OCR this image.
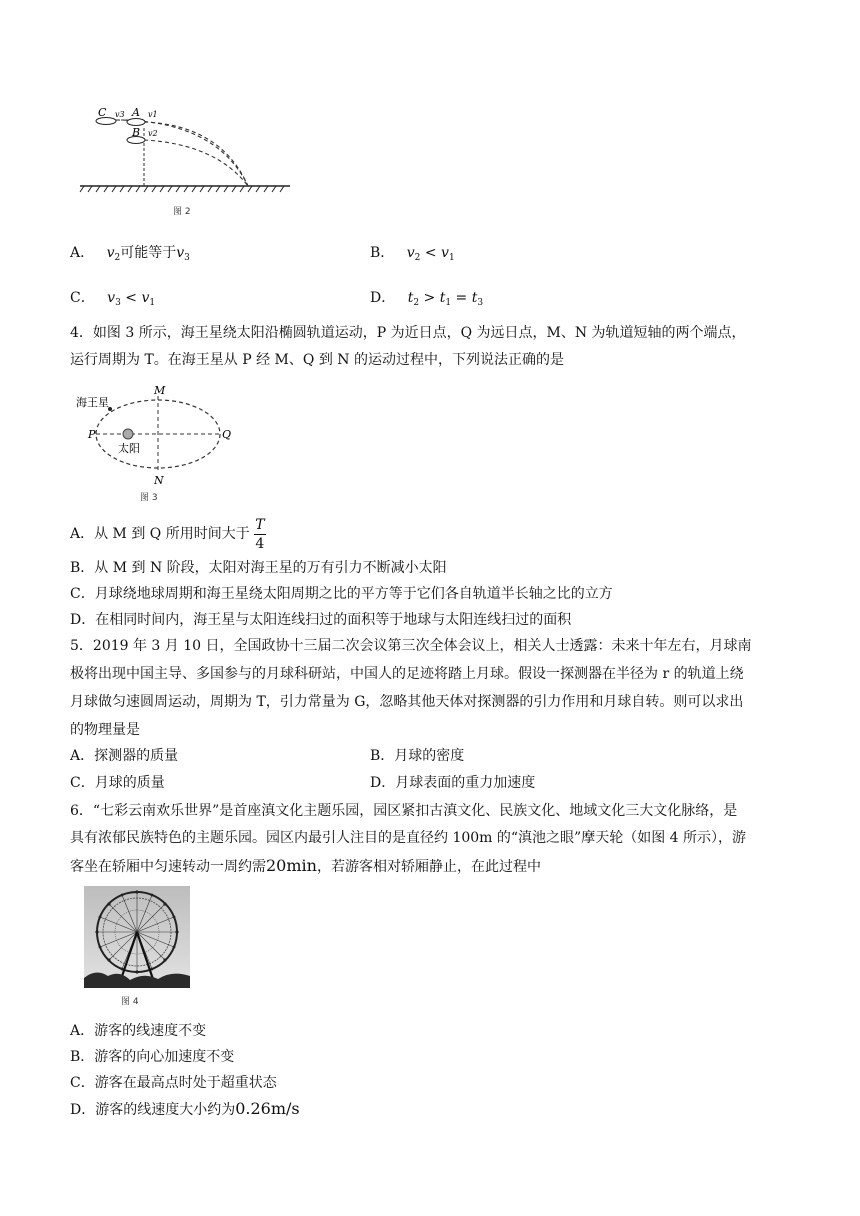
C v3 A v1
B v2
图 2
A． $v_2$可能等于$v_3$	B． $v_2 < v_1$
C． $v_3 < v_1$	D． $t_2 > t_1 = t_3$
4．如图 3 所示，海王星绕太阳沿椭圆轨道运动，P 为近日点，Q 为远日点，M、N 为轨道短轴的两个端点，
运行周期为 T。在海王星从 P 经 M、Q 到 N 的运动过程中，下列说法正确的是
海王星
太阳
P	Q
M
N
图 3
A．从 M 到 Q 所用时间大于 $\frac{T}{4}$
B．从 M 到 N 阶段，太阳对海王星的万有引力不断减小太阳
C．月球绕地球周期和海王星绕太阳周期之比的平方等于它们各自轨道半长轴之比的立方
D．在相同时间内，海王星与太阳连线扫过的面积等于地球与太阳连线扫过的面积
5．2019 年 3 月 10 日，全国政协十三届二次会议第三次全体会议上，相关人士透露：未来十年左右，月球南
极将出现中国主导、多国参与的月球科研站，中国人的足迹将踏上月球。假设一探测器在半径为 r 的轨道上绕
月球做匀速圆周运动，周期为 T，引力常量为 G，忽略其他天体对探测器的引力作用和月球自转。则可以求出
的物理量是
A．探测器的质量	B．月球的密度
C．月球的质量	D．月球表面的重力加速度
6．“七彩云南欢乐世界”是首座滇文化主题乐园，园区紧扣古滇文化、民族文化、地域文化三大文化脉络，是
具有浓郁民族特色的主题乐园。园区内最引人注目的是直径约 100m 的“滇池之眼”摩天轮（如图 4 所示），游
客坐在轿厢中匀速转动一周约需20min，若游客相对轿厢静止，在此过程中
图 4
A．游客的线速度不变
B．游客的向心加速度不变
C．游客在最高点时处于超重状态
D．游客的线速度大小约为0.26m/s
